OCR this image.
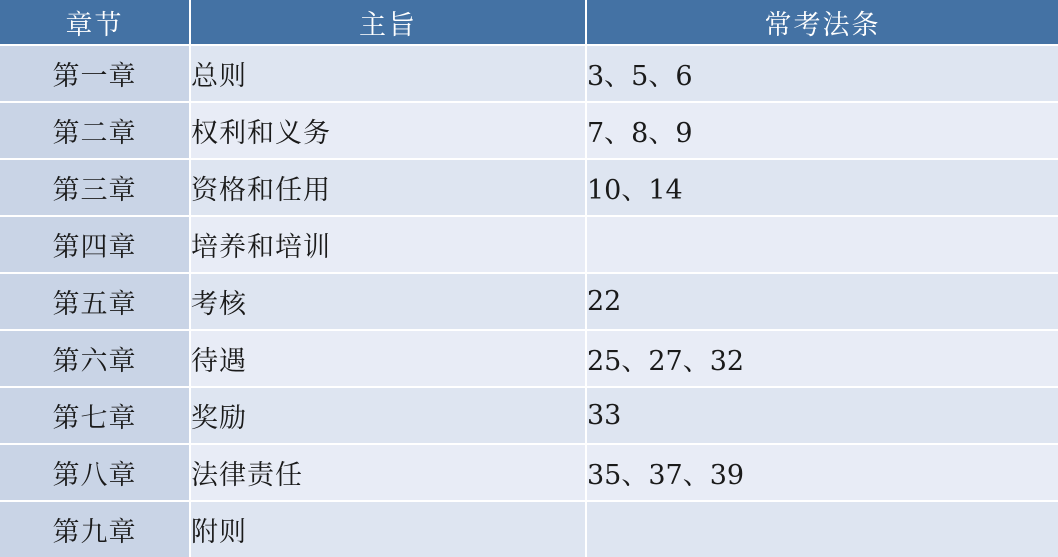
章节	主旨	常考法条
第一章	总则	3、5、6
第二章	权利和义务	7、8、9
第三章	资格和任用	10、14
第四章	培养和培训	
第五章	考核	22
第六章	待遇	25、27、32
第七章	奖励	33
第八章	法律责任	35、37、39
第九章	附则	
